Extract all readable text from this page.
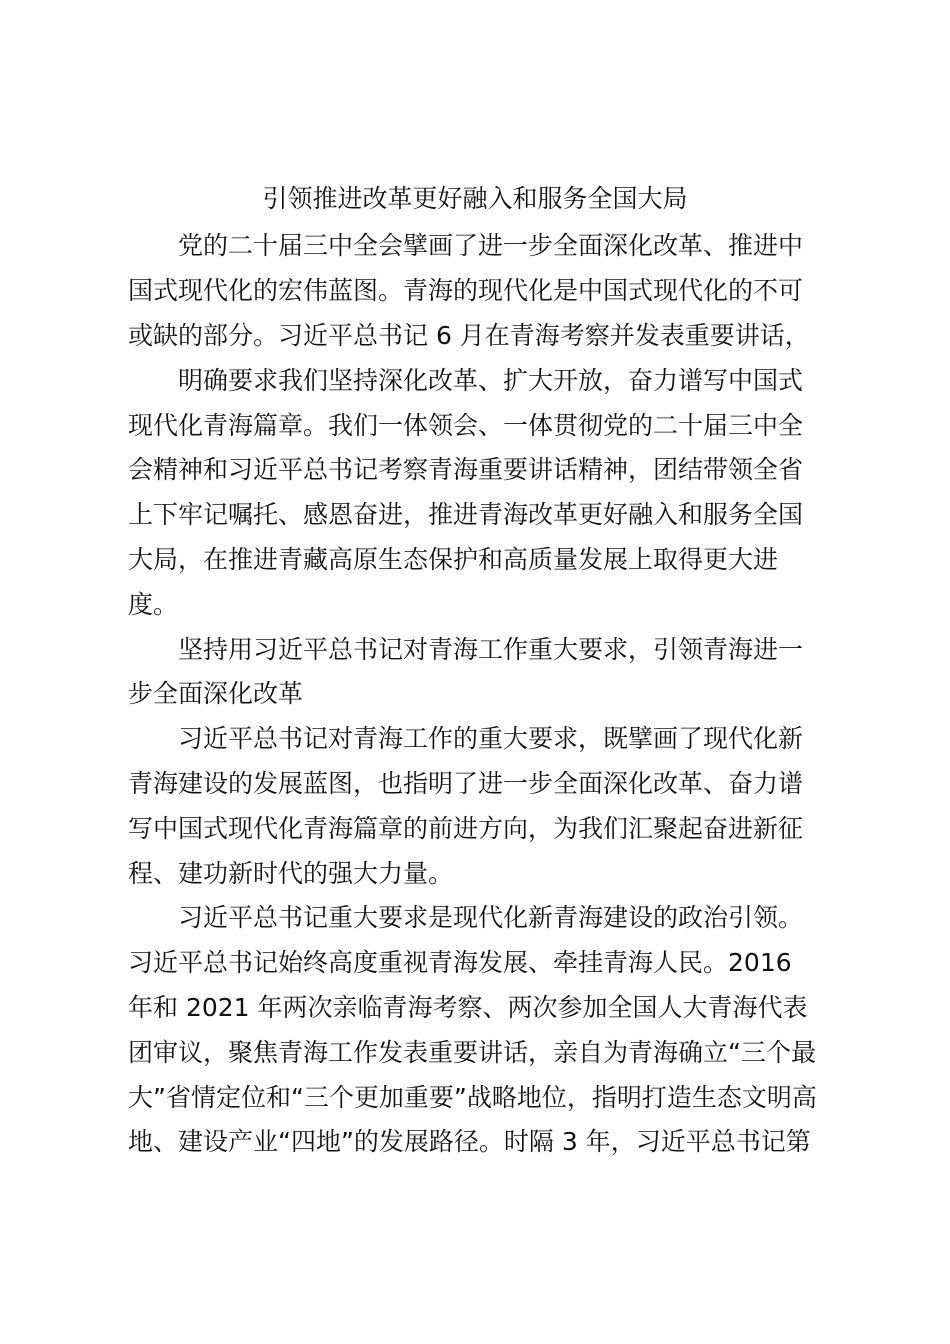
引领推进改革更好融入和服务全国大局
党的二十届三中全会擘画了进一步全面深化改革、推进中
国式现代化的宏伟蓝图。青海的现代化是中国式现代化的不可
或缺的部分。习近平总书记 6 月在青海考察并发表重要讲话，
明确要求我们坚持深化改革、扩大开放，奋力谱写中国式
现代化青海篇章。我们一体领会、一体贯彻党的二十届三中全
会精神和习近平总书记考察青海重要讲话精神，团结带领全省
上下牢记嘱托、感恩奋进，推进青海改革更好融入和服务全国
大局，在推进青藏高原生态保护和高质量发展上取得更大进
度。
坚持用习近平总书记对青海工作重大要求，引领青海进一
步全面深化改革
习近平总书记对青海工作的重大要求，既擘画了现代化新
青海建设的发展蓝图，也指明了进一步全面深化改革、奋力谱
写中国式现代化青海篇章的前进方向，为我们汇聚起奋进新征
程、建功新时代的强大力量。
习近平总书记重大要求是现代化新青海建设的政治引领。
习近平总书记始终高度重视青海发展、牵挂青海人民。2016
年和 2021 年两次亲临青海考察、两次参加全国人大青海代表
团审议，聚焦青海工作发表重要讲话，亲自为青海确立“三个最
大”省情定位和“三个更加重要”战略地位，指明打造生态文明高
地、建设产业“四地”的发展路径。时隔 3 年，习近平总书记第
